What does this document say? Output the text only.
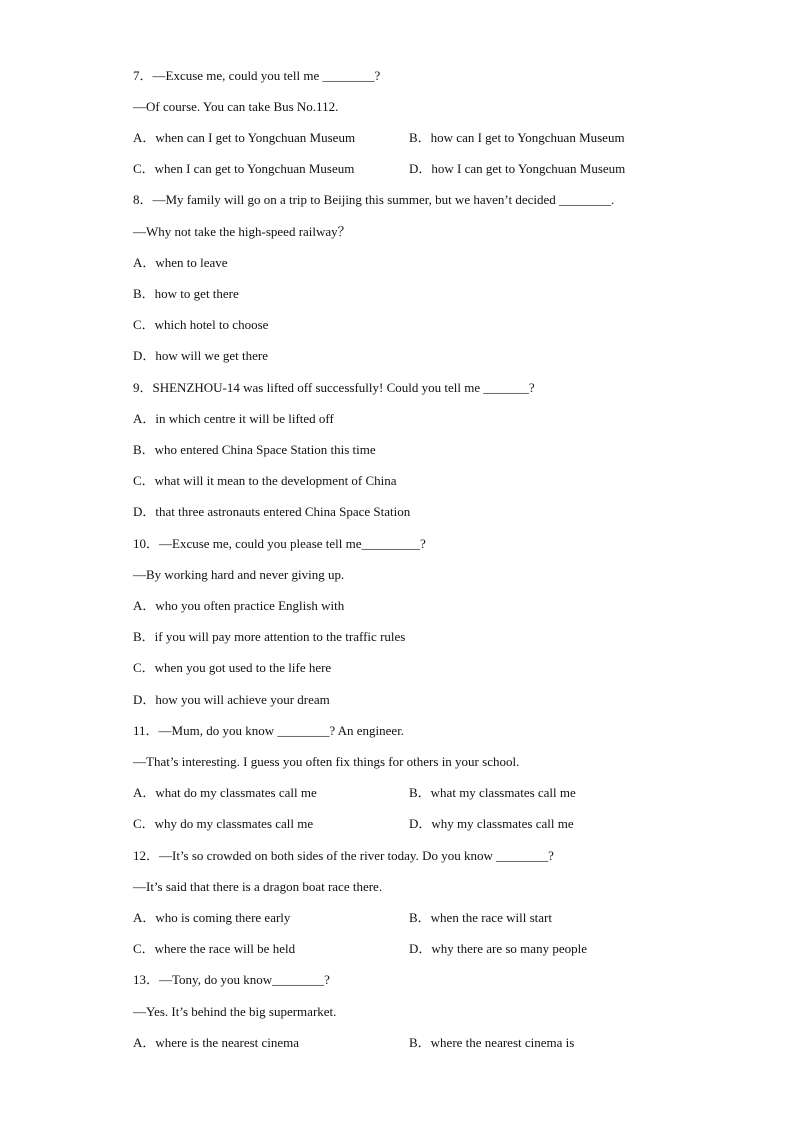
7．—Excuse me, could you tell me ________?
—Of course. You can take Bus No.112.
A．when can I get to Yongchuan Museum	B．how can I get to Yongchuan Museum
C．when I can get to Yongchuan Museum	D．how I can get to Yongchuan Museum
8．—My family will go on a trip to Beijing this summer, but we haven’t decided ________.
—Why not take the high-speed railway？
A．when to leave
B．how to get there
C．which hotel to choose
D．how will we get there
9．SHENZHOU-14 was lifted off successfully! Could you tell me _______?
A．in which centre it will be lifted off
B．who entered China Space Station this time
C．what will it mean to the development of China
D．that three astronauts entered China Space Station
10．—Excuse me, could you please tell me_________?
—By working hard and never giving up.
A．who you often practice English with
B．if you will pay more attention to the traffic rules
C．when you got used to the life here
D．how you will achieve your dream
11．—Mum, do you know ________? An engineer.
—That’s interesting. I guess you often fix things for others in your school.
A．what do my classmates call me	B．what my classmates call me
C．why do my classmates call me	D．why my classmates call me
12．—It’s so crowded on both sides of the river today. Do you know ________?
—It’s said that there is a dragon boat race there.
A．who is coming there early	B．when the race will start
C．where the race will be held	D．why there are so many people
13．—Tony, do you know________?
—Yes. It’s behind the big supermarket.
A．where is the nearest cinema	B．where the nearest cinema is
